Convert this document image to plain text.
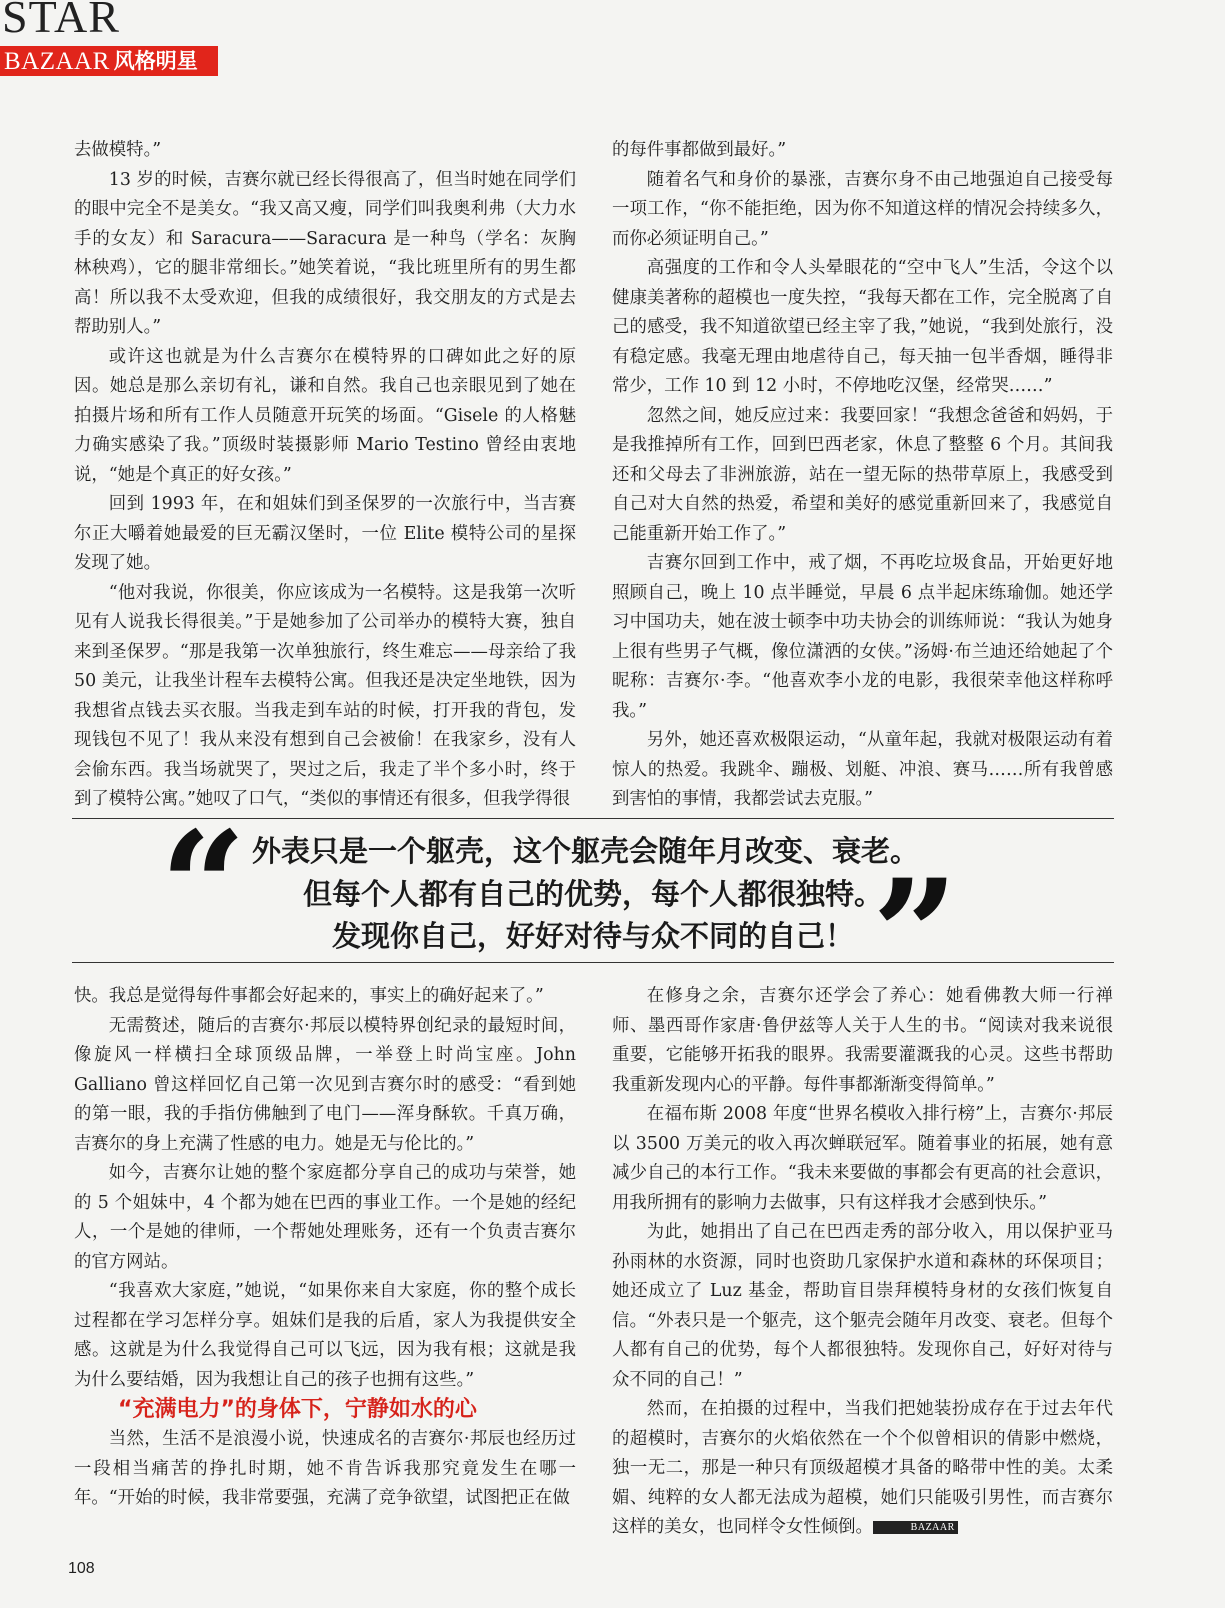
STAR
BAZAAR 风格明星

去做模特。”

13 岁的时候，吉赛尔就已经长得很高了，但当时她在同学们的眼中完全不是美女。“我又高又瘦，同学们叫我奥利弗（大力水手的女友）和 Saracura——Saracura 是一种鸟（学名：灰胸林秧鸡），它的腿非常细长。”她笑着说，“我比班里所有的男生都高！所以我不太受欢迎，但我的成绩很好，我交朋友的方式是去帮助别人。”

或许这也就是为什么吉赛尔在模特界的口碑如此之好的原因。她总是那么亲切有礼，谦和自然。我自己也亲眼见到了她在拍摄片场和所有工作人员随意开玩笑的场面。“Gisele 的人格魅力确实感染了我。”顶级时装摄影师 Mario Testino 曾经由衷地说，“她是个真正的好女孩。”

回到 1993 年，在和姐妹们到圣保罗的一次旅行中，当吉赛尔正大嚼着她最爱的巨无霸汉堡时，一位 Elite 模特公司的星探发现了她。

“他对我说，你很美，你应该成为一名模特。这是我第一次听见有人说我长得很美。”于是她参加了公司举办的模特大赛，独自来到圣保罗。“那是我第一次单独旅行，终生难忘——母亲给了我 50 美元，让我坐计程车去模特公寓。但我还是决定坐地铁，因为我想省点钱去买衣服。当我走到车站的时候，打开我的背包，发现钱包不见了！我从来没有想到自己会被偷！在我家乡，没有人会偷东西。我当场就哭了，哭过之后，我走了半个多小时，终于到了模特公寓。”她叹了口气，“类似的事情还有很多，但我学得很

的每件事都做到最好。”

随着名气和身价的暴涨，吉赛尔身不由己地强迫自己接受每一项工作，“你不能拒绝，因为你不知道这样的情况会持续多久，而你必须证明自己。”

高强度的工作和令人头晕眼花的“空中飞人”生活，令这个以健康美著称的超模也一度失控，“我每天都在工作，完全脱离了自己的感受，我不知道欲望已经主宰了我，”她说，“我到处旅行，没有稳定感。我毫无理由地虐待自己，每天抽一包半香烟，睡得非常少，工作 10 到 12 小时，不停地吃汉堡，经常哭……”

忽然之间，她反应过来：我要回家！“我想念爸爸和妈妈，于是我推掉所有工作，回到巴西老家，休息了整整 6 个月。其间我还和父母去了非洲旅游，站在一望无际的热带草原上，我感受到自己对大自然的热爱，希望和美好的感觉重新回来了，我感觉自己能重新开始工作了。”

吉赛尔回到工作中，戒了烟，不再吃垃圾食品，开始更好地照顾自己，晚上 10 点半睡觉，早晨 6 点半起床练瑜伽。她还学习中国功夫，她在波士顿李中功夫协会的训练师说：“我认为她身上很有些男子气概，像位潇洒的女侠。”汤姆·布兰迪还给她起了个昵称：吉赛尔·李。“他喜欢李小龙的电影，我很荣幸他这样称呼我。”

另外，她还喜欢极限运动，“从童年起，我就对极限运动有着惊人的热爱。我跳伞、蹦极、划艇、冲浪、赛马……所有我曾感到害怕的事情，我都尝试去克服。”

“ 外表只是一个躯壳，这个躯壳会随年月改变、衰老。
但每个人都有自己的优势，每个人都很独特。
发现你自己，好好对待与众不同的自己！ ”

快。我总是觉得每件事都会好起来的，事实上的确好起来了。”

无需赘述，随后的吉赛尔·邦辰以模特界创纪录的最短时间，像旋风一样横扫全球顶级品牌，一举登上时尚宝座。John Galliano 曾这样回忆自己第一次见到吉赛尔时的感受：“看到她的第一眼，我的手指仿佛触到了电门——浑身酥软。千真万确，吉赛尔的身上充满了性感的电力。她是无与伦比的。”

如今，吉赛尔让她的整个家庭都分享自己的成功与荣誉，她的 5 个姐妹中，4 个都为她在巴西的事业工作。一个是她的经纪人，一个是她的律师，一个帮她处理账务，还有一个负责吉赛尔的官方网站。

“我喜欢大家庭，”她说，“如果你来自大家庭，你的整个成长过程都在学习怎样分享。姐妹们是我的后盾，家人为我提供安全感。这就是为什么我觉得自己可以飞远，因为我有根；这就是我为什么要结婚，因为我想让自己的孩子也拥有这些。”

“充满电力”的身体下，宁静如水的心

当然，生活不是浪漫小说，快速成名的吉赛尔·邦辰也经历过一段相当痛苦的挣扎时期，她不肯告诉我那究竟发生在哪一年。“开始的时候，我非常要强，充满了竞争欲望，试图把正在做

在修身之余，吉赛尔还学会了养心：她看佛教大师一行禅师、墨西哥作家唐·鲁伊兹等人关于人生的书。“阅读对我来说很重要，它能够开拓我的眼界。我需要灌溉我的心灵。这些书帮助我重新发现内心的平静。每件事都渐渐变得简单。”

在福布斯 2008 年度“世界名模收入排行榜”上，吉赛尔·邦辰以 3500 万美元的收入再次蝉联冠军。随着事业的拓展，她有意减少自己的本行工作。“我未来要做的事都会有更高的社会意识，用我所拥有的影响力去做事，只有这样我才会感到快乐。”

为此，她捐出了自己在巴西走秀的部分收入，用以保护亚马孙雨林的水资源，同时也资助几家保护水道和森林的环保项目；她还成立了 Luz 基金，帮助盲目崇拜模特身材的女孩们恢复自信。“外表只是一个躯壳，这个躯壳会随年月改变、衰老。但每个人都有自己的优势，每个人都很独特。发现你自己，好好对待与众不同的自己！”

然而，在拍摄的过程中，当我们把她装扮成存在于过去年代的超模时，吉赛尔的火焰依然在一个个似曾相识的倩影中燃烧，独一无二，那是一种只有顶级超模才具备的略带中性的美。太柔媚、纯粹的女人都无法成为超模，她们只能吸引男性，而吉赛尔这样的美女，也同样令女性倾倒。	BAZAAR

108
